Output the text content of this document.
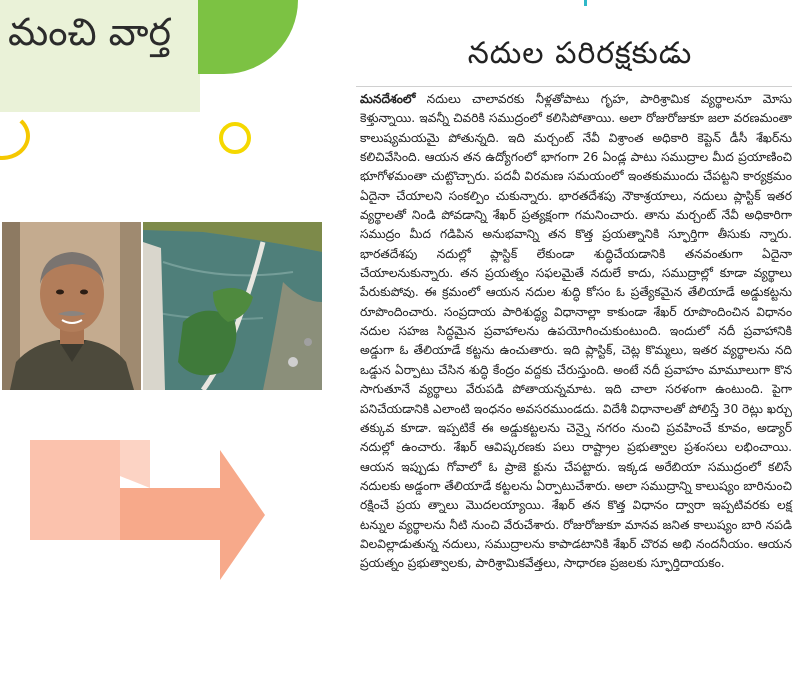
మంచి వార్త	నదుల పరిరక్షకుడు
మనదేశంలో నదులు చాలావరకు నీళ్లతోపాటు గృహ, పారిశ్రామిక వ్యర్థాలనూ మోసు కెళ్తున్నాయి. ఇవన్నీ చివరికి సముద్రంలో కలిసిపోతాయి. అలా రోజురోజుకూ జలా వరణమంతా కాలుష్యమయమై పోతున్నది. ఇది మర్చంట్ నేవీ విశ్రాంత అధికారి కెప్టెన్ డీసీ శేఖర్‌ను కలిచివేసింది. ఆయన తన ఉద్యోగంలో భాగంగా 26 ఏండ్ల పాటు సముద్రాల మీద ప్రయాణించి భూగోళమంతా చుట్టొచ్చారు. పదవీ విరమణ సమయంలో ఇంతకుముందు చేపట్టని కార్యక్రమం ఏదైనా చేయాలని సంకల్పిం చుకున్నారు. భారతదేశపు నౌకాశ్రయాలు, నదులు ప్లాస్టిక్ ఇతర వ్యర్థాలతో నిండి పోవడాన్ని శేఖర్ ప్రత్యక్షంగా గమనించారు. తాను మర్చంట్ నేవీ అధికారిగా సముద్రం మీద గడిపిన అనుభవాన్ని తన కొత్త ప్రయత్నానికి స్ఫూర్తిగా తీసుకు న్నారు. భారతదేశపు నదుల్లో ప్లాస్టిక్ లేకుండా శుద్ధిచేయడానికి తనవంతుగా ఏదైనా చేయాలనుకున్నారు. తన ప్రయత్నం సఫలమైతే నదులే కాదు, సముద్రాల్లో కూడా వ్యర్థాలు పేరుకుపోవు. ఈ క్రమంలో ఆయన నదుల శుద్ధి కోసం ఓ ప్రత్యేకమైన తేలియాడే అడ్డుకట్టను రూపొందించారు. సంప్రదాయ పారిశుద్ధ్య విధానాల్లా కాకుండా శేఖర్ రూపొందించిన విధానం నదుల సహజ సిద్ధమైన ప్రవాహాలను ఉపయోగించుకుంటుంది. ఇందులో నదీ ప్రవాహానికి అడ్డుగా ఓ తేలియాడే కట్టను ఉంచుతారు. ఇది ప్లాస్టిక్, చెట్ల కొమ్మలు, ఇతర వ్యర్థాలను నది ఒడ్డున ఏర్పాటు చేసిన శుద్ధి కేంద్రం వద్దకు చేరుస్తుంది. అంటే నదీ ప్రవాహం మామూలుగా కొన సాగుతూనే వ్యర్థాలు వేరుపడి పోతాయన్నమాట. ఇది చాలా సరళంగా ఉంటుంది. పైగా పనిచేయడానికి ఎలాంటి ఇంధనం అవసరముండదు. విదేశీ విధానాలతో పోలిస్తే 30 రెట్లు ఖర్చు తక్కువ కూడా. ఇప్పటికే ఈ అడ్డుకట్టలను చెన్నై నగరం నుంచి ప్రవహించే కూవం, అడ్యార్ నదుల్లో ఉంచారు. శేఖర్ ఆవిష్కరణకు పలు రాష్ట్రాల ప్రభుత్వాల ప్రశంసలు లభించాయి. ఆయన ఇప్పుడు గోవాలో ఓ ప్రాజె క్టును చేపట్టారు. ఇక్కడ అరేబియా సముద్రంలో కలిసే నదులకు అడ్డంగా తేలియాడే కట్టలను ఏర్పాటుచేశారు. అలా సముద్రాన్ని కాలుష్యం బారినుంచి రక్షించే ప్రయ త్నాలు మొదలయ్యాయి. శేఖర్ తన కొత్త విధానం ద్వారా ఇప్పటివరకు లక్ష టన్నుల వ్యర్థాలను నీటి నుంచి వేరుచేశారు. రోజురోజుకూ మానవ జనిత కాలుష్యం బారి నపడి విలవిల్లాడుతున్న నదులు, సముద్రాలను కాపాడటానికి శేఖర్ చొరవ అభి నందనీయం. ఆయన ప్రయత్నం ప్రభుత్వాలకు, పారిశ్రామికవేత్తలు, సాధారణ ప్రజలకు స్ఫూర్తిదాయకం.
